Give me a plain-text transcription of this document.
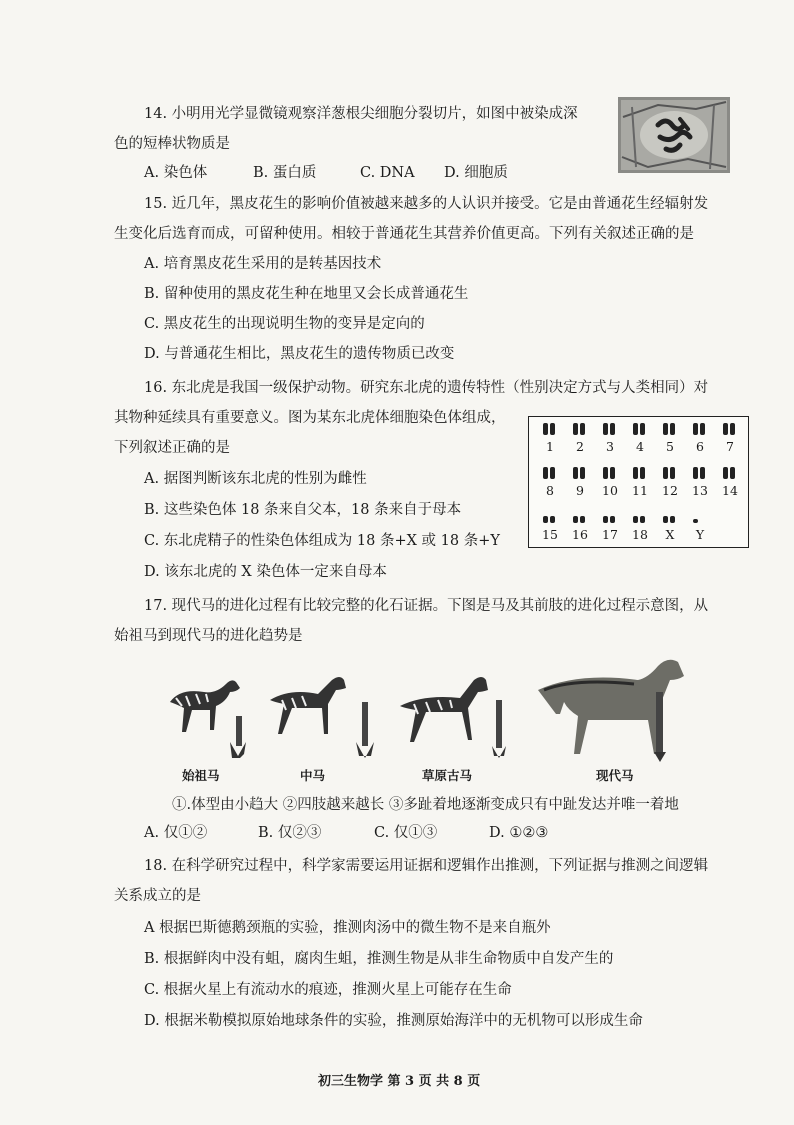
14. 小明用光学显微镜观察洋葱根尖细胞分裂切片，如图中被染成深
色的短棒状物质是
A. 染色体	B. 蛋白质	C. DNA D. 细胞质
15. 近几年，黑皮花生的影响价值被越来越多的人认识并接受。它是由普通花生经辐射发
生变化后选育而成，可留种使用。相较于普通花生其营养价值更高。下列有关叙述正确的是
A. 培育黑皮花生采用的是转基因技术
B. 留种使用的黑皮花生种在地里又会长成普通花生
C. 黑皮花生的出现说明生物的变异是定向的
D. 与普通花生相比，黑皮花生的遗传物质已改变
16. 东北虎是我国一级保护动物。研究东北虎的遗传特性（性别决定方式与人类相同）对
其物种延续具有重要意义。图为某东北虎体细胞染色体组成，
下列叙述正确的是
A. 据图判断该东北虎的性别为雌性
B. 这些染色体 18 条来自父本，18 条来自于母本
C. 东北虎精子的性染色体组成为 18 条+X 或 18 条+Y
D. 该东北虎的 X 染色体一定来自母本
1	2	3	4	5	6	7
8	9	10	11	12	13	14
15	16	17	18	X	Y
17. 现代马的进化过程有比较完整的化石证据。下图是马及其前肢的进化过程示意图，从
始祖马到现代马的进化趋势是
始祖马	中马	草原古马	现代马
①.体型由小趋大 ②四肢越来越长 ③多趾着地逐渐变成只有中趾发达并唯一着地
A. 仅①②	B. 仅②③	C. 仅①③	D. ①②③
18. 在科学研究过程中，科学家需要运用证据和逻辑作出推测，下列证据与推测之间逻辑
关系成立的是
A 根据巴斯德鹅颈瓶的实验，推测肉汤中的微生物不是来自瓶外
B. 根据鲜肉中没有蛆，腐肉生蛆，推测生物是从非生命物质中自发产生的
C. 根据火星上有流动水的痕迹，推测火星上可能存在生命
D. 根据米勒模拟原始地球条件的实验，推测原始海洋中的无机物可以形成生命
初三生物学 第 3 页 共 8 页
